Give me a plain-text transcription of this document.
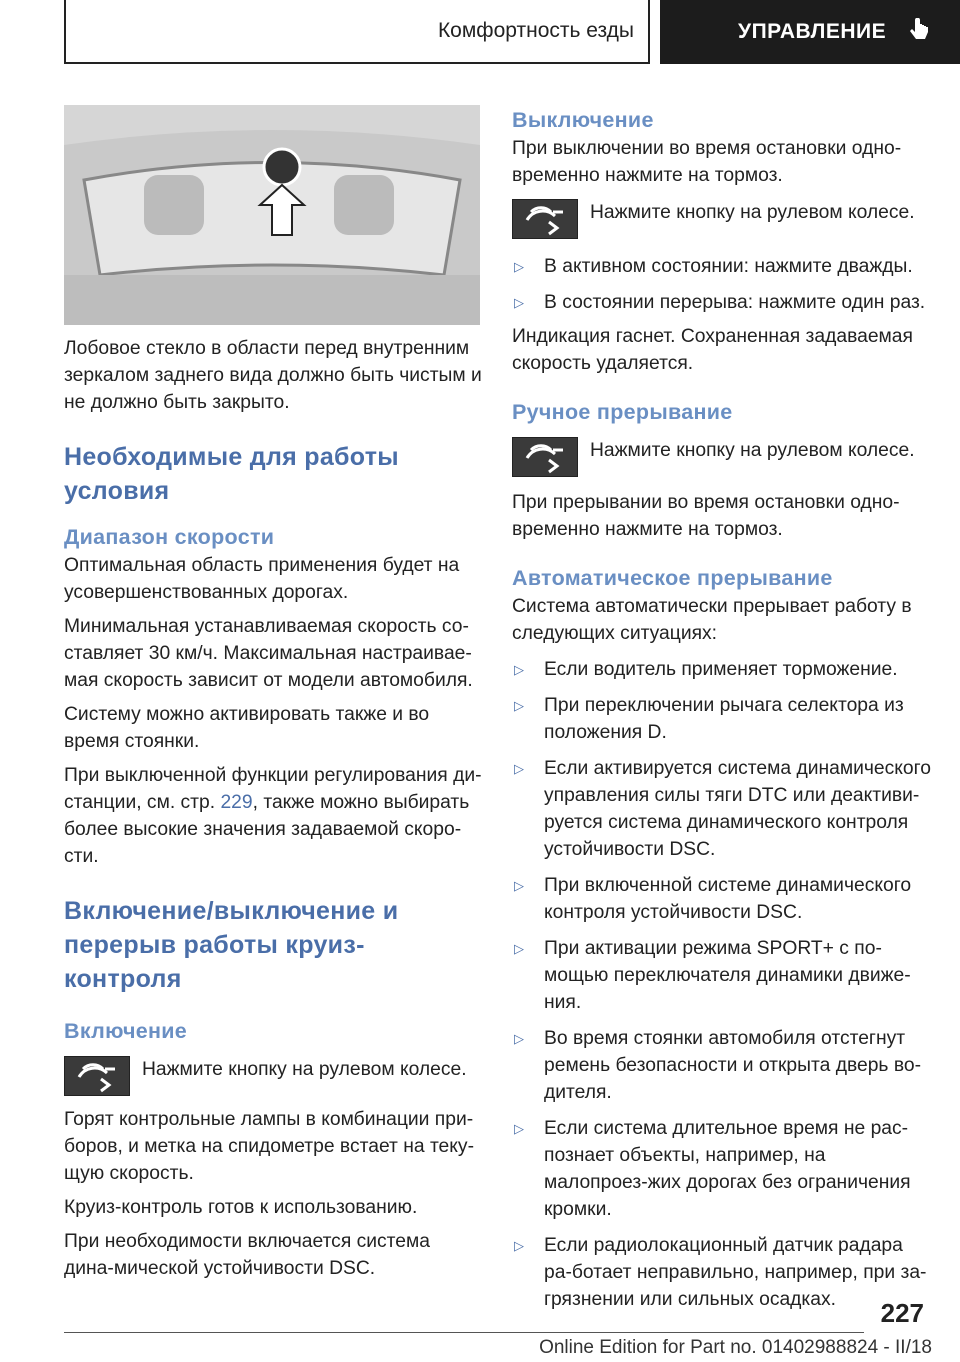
Комфортность езды	УПРАВЛЕНИЕ

Лобовое стекло в области перед внутренним зеркалом заднего вида должно быть чистым и не должно быть закрыто.

Необходимые для работы условия
Диапазон скорости

Оптимальная область применения будет на усовершенствованных дорогах.

Минимальная устанавливаемая скорость со-ставляет 30 км/ч. Максимальная настраивае-мая скорость зависит от модели автомобиля.

Систему можно активировать также и во время стоянки.

При выключенной функции регулирования ди-станции, см. стр. 229, также можно выбирать более высокие значения задаваемой скоро-сти.

Включение/выключение и перерыв работы круиз-контроля
Включение

Нажмите кнопку на рулевом колесе.

Горят контрольные лампы в комбинации при-боров, и метка на спидометре встает на теку-щую скорость.

Круиз-контроль готов к использованию.

При необходимости включается система дина-мической устойчивости DSC.

Выключение

При выключении во время остановки одно-временно нажмите на тормоз.

Нажмите кнопку на рулевом колесе.

▷	В активном состоянии: нажмите дважды.

▷	В состоянии перерыва: нажмите один раз.

Индикация гаснет. Сохраненная задаваемая скорость удаляется.

Ручное прерывание

Нажмите кнопку на рулевом колесе.

При прерывании во время остановки одно-временно нажмите на тормоз.

Автоматическое прерывание

Система автоматически прерывает работу в следующих ситуациях:

▷	Если водитель применяет торможение.

▷	При переключении рычага селектора из положения D.

▷	Если активируется система динамического управления силы тяги DTC или деактиви-руется система динамического контроля устойчивости DSC.

▷	При включенной системе динамического контроля устойчивости DSC.

▷	При активации режима SPORT+ с по-мощью переключателя динамики движе-ния.

▷	Во время стоянки автомобиля отстегнут ремень безопасности и открыта дверь во-дителя.

▷	Если система длительное время не рас-познает объекты, например, на малопроез-жих дорогах без ограничения кромки.

▷	Если радиолокационный датчик радара ра-ботает неправильно, например, при за-грязнении или сильных осадках.	227
Online Edition for Part no. 01402988824 - II/18
